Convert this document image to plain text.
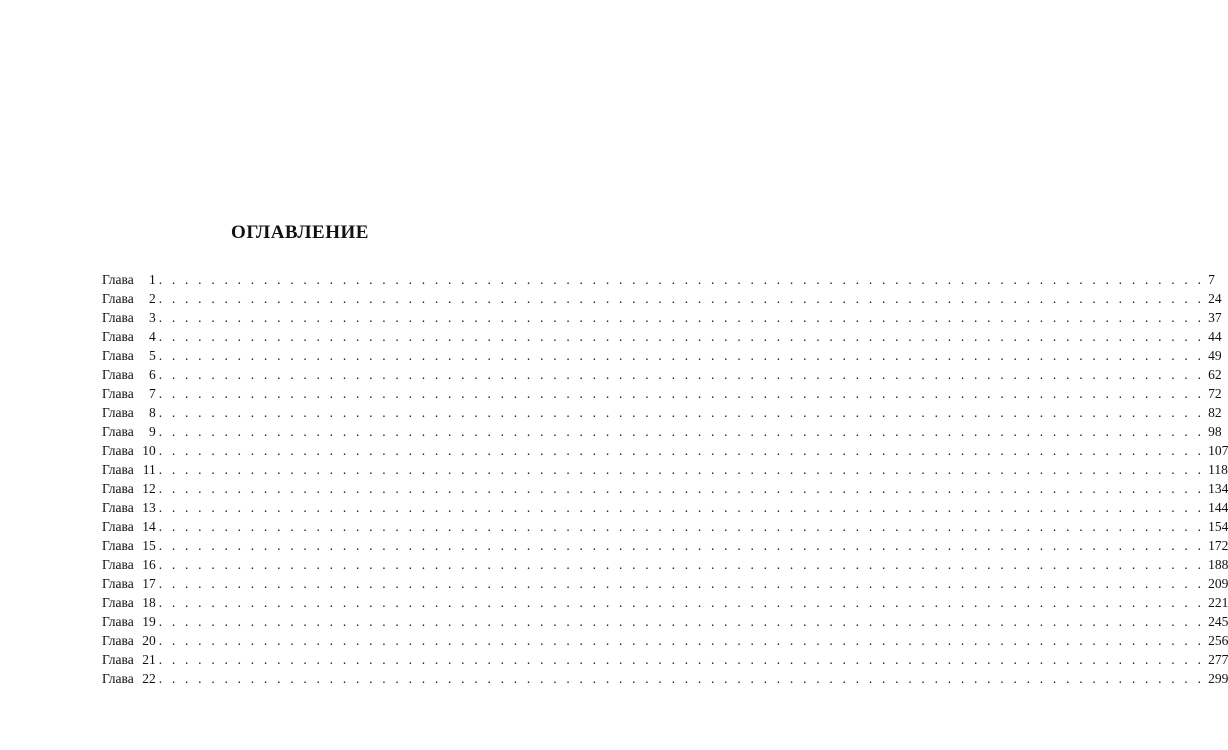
ОГЛАВЛЕНИЕ
Глава	1 . . . . . . . . . . . . . . . . . . . . . . . . . . . . . . . . . . . . . . . . . . . . . . . . . . . . . . . . . . . . . . . . . . . . . . . . . . . . . . . . 7
Глава	2 . . . . . . . . . . . . . . . . . . . . . . . . . . . . . . . . . . . . . . . . . . . . . . . . . . . . . . . . . . . . . . . . . . . . . . . . . . . . . . . . 24
Глава	3 . . . . . . . . . . . . . . . . . . . . . . . . . . . . . . . . . . . . . . . . . . . . . . . . . . . . . . . . . . . . . . . . . . . . . . . . . . . . . . . . 37
Глава	4 . . . . . . . . . . . . . . . . . . . . . . . . . . . . . . . . . . . . . . . . . . . . . . . . . . . . . . . . . . . . . . . . . . . . . . . . . . . . . . . . 44
Глава	5 . . . . . . . . . . . . . . . . . . . . . . . . . . . . . . . . . . . . . . . . . . . . . . . . . . . . . . . . . . . . . . . . . . . . . . . . . . . . . . . . 49
Глава	6 . . . . . . . . . . . . . . . . . . . . . . . . . . . . . . . . . . . . . . . . . . . . . . . . . . . . . . . . . . . . . . . . . . . . . . . . . . . . . . . . 62
Глава	7 . . . . . . . . . . . . . . . . . . . . . . . . . . . . . . . . . . . . . . . . . . . . . . . . . . . . . . . . . . . . . . . . . . . . . . . . . . . . . . . . 72
Глава	8 . . . . . . . . . . . . . . . . . . . . . . . . . . . . . . . . . . . . . . . . . . . . . . . . . . . . . . . . . . . . . . . . . . . . . . . . . . . . . . . . 82
Глава	9 . . . . . . . . . . . . . . . . . . . . . . . . . . . . . . . . . . . . . . . . . . . . . . . . . . . . . . . . . . . . . . . . . . . . . . . . . . . . . . . . 98
Глава 10 . . . . . . . . . . . . . . . . . . . . . . . . . . . . . . . . . . . . . . . . . . . . . . . . . . . . . . . . . . . . . . . . . . . . . . . . . . . . . . . . 107
Глава 11 . . . . . . . . . . . . . . . . . . . . . . . . . . . . . . . . . . . . . . . . . . . . . . . . . . . . . . . . . . . . . . . . . . . . . . . . . . . . . . . . 118
Глава 12 . . . . . . . . . . . . . . . . . . . . . . . . . . . . . . . . . . . . . . . . . . . . . . . . . . . . . . . . . . . . . . . . . . . . . . . . . . . . . . . . 134
Глава 13 . . . . . . . . . . . . . . . . . . . . . . . . . . . . . . . . . . . . . . . . . . . . . . . . . . . . . . . . . . . . . . . . . . . . . . . . . . . . . . . . 144
Глава 14 . . . . . . . . . . . . . . . . . . . . . . . . . . . . . . . . . . . . . . . . . . . . . . . . . . . . . . . . . . . . . . . . . . . . . . . . . . . . . . . . 154
Глава 15 . . . . . . . . . . . . . . . . . . . . . . . . . . . . . . . . . . . . . . . . . . . . . . . . . . . . . . . . . . . . . . . . . . . . . . . . . . . . . . . . 172
Глава 16 . . . . . . . . . . . . . . . . . . . . . . . . . . . . . . . . . . . . . . . . . . . . . . . . . . . . . . . . . . . . . . . . . . . . . . . . . . . . . . . . 188
Глава 17 . . . . . . . . . . . . . . . . . . . . . . . . . . . . . . . . . . . . . . . . . . . . . . . . . . . . . . . . . . . . . . . . . . . . . . . . . . . . . . . . 209
Глава 18 . . . . . . . . . . . . . . . . . . . . . . . . . . . . . . . . . . . . . . . . . . . . . . . . . . . . . . . . . . . . . . . . . . . . . . . . . . . . . . . . 221
Глава 19 . . . . . . . . . . . . . . . . . . . . . . . . . . . . . . . . . . . . . . . . . . . . . . . . . . . . . . . . . . . . . . . . . . . . . . . . . . . . . . . . 245
Глава 20 . . . . . . . . . . . . . . . . . . . . . . . . . . . . . . . . . . . . . . . . . . . . . . . . . . . . . . . . . . . . . . . . . . . . . . . . . . . . . . . . 256
Глава 21 . . . . . . . . . . . . . . . . . . . . . . . . . . . . . . . . . . . . . . . . . . . . . . . . . . . . . . . . . . . . . . . . . . . . . . . . . . . . . . . . 277
Глава 22 . . . . . . . . . . . . . . . . . . . . . . . . . . . . . . . . . . . . . . . . . . . . . . . . . . . . . . . . . . . . . . . . . . . . . . . . . . . . . . . . 299
